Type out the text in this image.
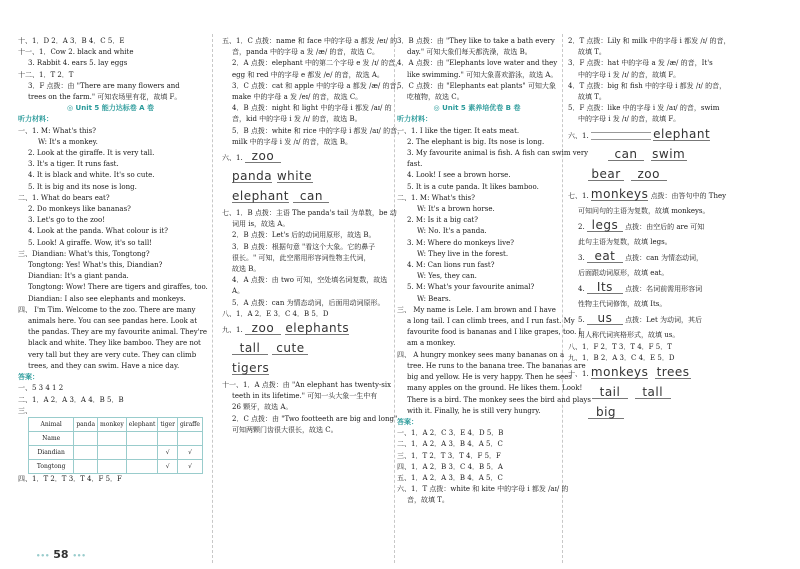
十、1．D 2．A 3．B 4．C 5．E
十一、1．Cow 2. black and white
3. Rabbit 4. ears 5. lay eggs
十二、1．T 2．T
3．F 点拨：由 "There are many flowers and
trees on the farm." 可知农场里有花，故填 F。
◎ Unit 5 能力达标卷 A 卷
听力材料：
一、1. M: What's this?
W: It's a monkey.
2. Look at the giraffe. It is very tall.
3. It's a tiger. It runs fast.
4. It is black and white. It's so cute.
5. It is big and its nose is long.
二、1. What do bears eat?
2. Do monkeys like bananas?
3. Let's go to the zoo!
4. Look at the panda. What colour is it?
5. Look! A giraffe. Wow, it's so tall!
三、Diandian: What's this, Tongtong?
Tongtong: Yes! What's this, Diandian?
Diandian: It's a giant panda.
Tongtong: Wow! There are tigers and giraffes, too.
Diandian: I also see elephants and monkeys.
四、 I'm Tim. Welcome to the zoo. There are many
animals here. You can see pandas here. Look at
the pandas. They are my favourite animal. They're
black and white. They like bamboo. They are not
very tall but they are very cute. They can climb
trees, and they can swim. Have a nice day.
答案：
一、5 3 4 1 2
二、1．A 2．A 3．A 4．B 5．B
三、
Animal	panda	monkey	elephant	tiger	giraffe
Name					
Diandian				√	√
Tongtong				√	√
四、1．T 2．T 3．T 4．F 5．F
五、1．C 点拨：name 和 face 中的字母 a 都发 /eɪ/ 的
音，panda 中的字母 a 发 /æ/ 的音，故选 C。
2．A 点拨：elephant 中的第二个字母 e 发 /ɪ/ 的音，
egg 和 red 中的字母 e 都发 /e/ 的音，故选 A。
3．C 点拨：cat 和 apple 中的字母 a 都发 /æ/ 的音，
make 中的字母 a 发 /eɪ/ 的音，故选 C。
4．B 点拨：night 和 light 中的字母 i 都发 /aɪ/ 的
音，kid 中的字母 i 发 /ɪ/ 的音，故选 B。
5．B 点拨：white 和 rice 中的字母 i 都发 /aɪ/ 的音，
milk 中的字母 i 发 /ɪ/ 的音，故选 B。
六、1. zoo
panda white
elephant can
七、1．B 点拨：主语 The panda's tail 为单数，be 动
词用 is，故选 A。
2．B 点拨：Let's 后的动词用原形，故选 B。
3．B 点拨：根据句意 "看这个大象。它的鼻子
很长。" 可知，此空需用形容词性物主代词，
故选 B。
4．A 点拨：由 two 可知，空处填名词复数，故选
A。
5．A 点拨：can 为情态动词，后面用动词原形。
八、1．A 2．E 3．C 4．B 5．D
九、1. zoo elephants
tall cute
tigers
十一、1．A 点拨：由 "An elephant has twenty-six
teeth in its lifetime." 可知一头大象一生中有
26 颗牙，故选 A。
2．C 点拨：由 "Two footteeth are big and long"
可知两颗门齿很大很长，故选 C。
3．B 点拨：由 "They like to take a bath every
day." 可知大象们每天都洗澡，故选 B。
4．A 点拨：由 "Elephants love water and they
like swimming." 可知大象喜欢游泳，故选 A。
5．C 点拨：由 "Elephants eat plants" 可知大象
吃植物，故选 C。
◎ Unit 5 素养培优卷 B 卷
听力材料：
一、1. I like the tiger. It eats meat.
2. The elephant is big. Its nose is long.
3. My favourite animal is fish. A fish can swim very
fast.
4. Look! I see a brown horse.
5. It is a cute panda. It likes bamboo.
二、1. M: What's this?
W: It's a brown horse.
2. M: Is it a big cat?
W: No. It's a panda.
3. M: Where do monkeys live?
W: They live in the forest.
4. M: Can lions run fast?
W: Yes, they can.
5. M: What's your favourite animal?
W: Bears.
三、 My name is Lele. I am brown and I have
a long tail. I can climb trees, and I run fast. My
favourite food is bananas and I like grapes, too. I
am a monkey.
四、 A hungry monkey sees many bananas on a
tree. He runs to the banana tree. The bananas are
big and yellow. He is very happy. Then he sees
many apples on the ground. He likes them. Look!
There is a bird. The monkey sees the bird and plays
with it. Finally, he is still very hungry.
答案：
一、1．A 2．C 3．E 4．D 5．B
二、1．A 2．A 3．B 4．A 5．C
三、1．T 2．T 3．T 4．F 5．F
四、1．A 2．B 3．C 4．B 5．A
五、1．A 2．A 3．B 4．A 5．C
六、1．T 点拨：white 和 kite 中的字母 i 都发 /aɪ/ 的
音，故填 T。
2．T 点拨：Lily 和 milk 中的字母 i 都发 /ɪ/ 的音，
故填 T。
3．F 点拨：hat 中的字母 a 发 /æ/ 的音，It's
中的字母 i 发 /ɪ/ 的音，故填 F。
4．T 点拨：big 和 fish 中的字母 i 都发 /ɪ/ 的音，
故填 T。
5．F 点拨：like 中的字母 i 发 /aɪ/ 的音，swim
中的字母 i 发 /ɪ/ 的音，故填 F。
六、1.	elephant
can swim
bear zoo
七、1. monkeys 点拨：由答句中的 They
可知问句的主语为复数，故填 monkeys。
2. legs 点拨：由空后的 are 可知
此句主语为复数，故填 legs。
3. eat 点拨：can 为情态动词，
后面跟动词原形，故填 eat。
4. Its 点拨：名词前需用形容词
性物主代词修饰，故填 Its。
5. us 点拨：Let 为动词，其后
用人称代词宾格形式，故填 us。
八、1．F 2．T 3．T 4．F 5．T
九、1．B 2．A 3．C 4．E 5．D
十、1. monkeys trees
tail tall
big
••• 58 •••
